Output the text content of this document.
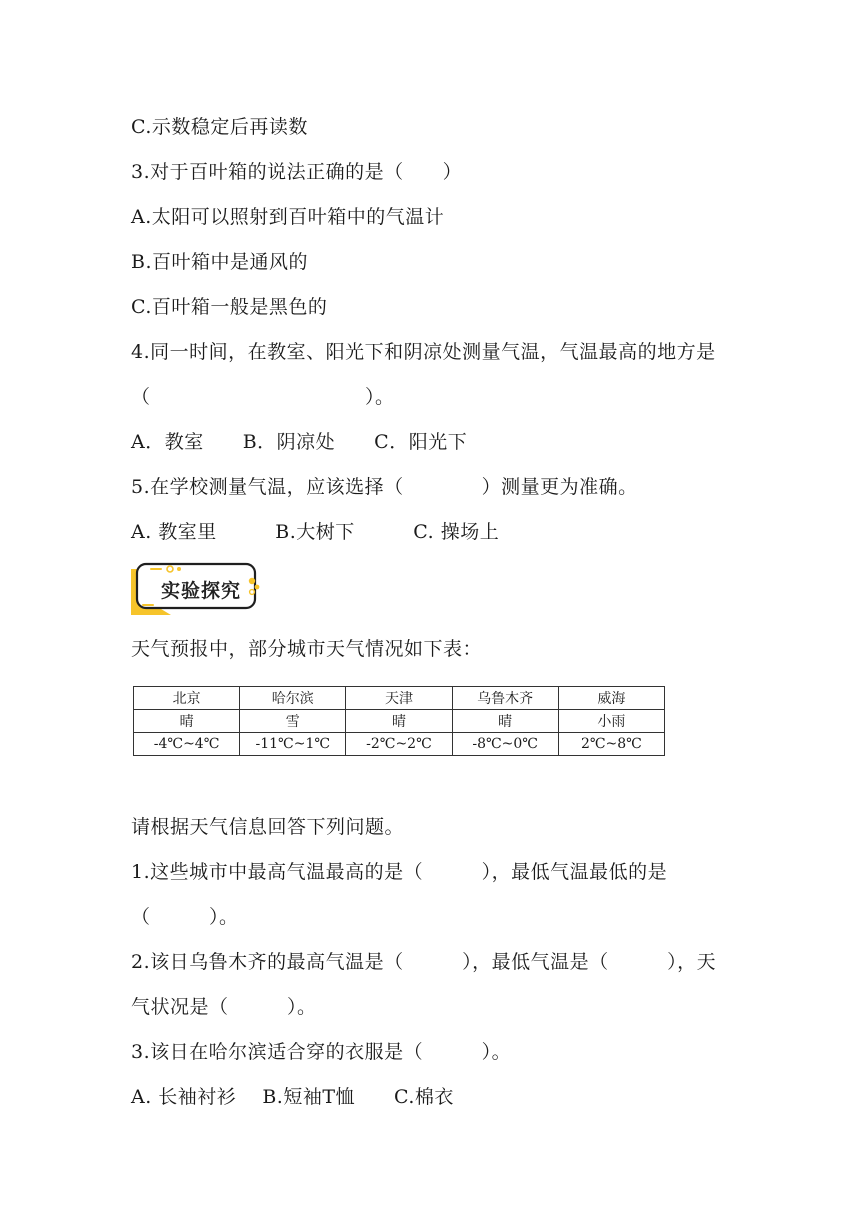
C.示数稳定后再读数
3.对于百叶箱的说法正确的是（　　）
A.太阳可以照射到百叶箱中的气温计
B.百叶箱中是通风的
C.百叶箱一般是黑色的
4.同一时间，在教室、阳光下和阴凉处测量气温，气温最高的地方是
（　　　　　　　　　　　）。
A．教室　　B．阴凉处　　C．阳光下
5.在学校测量气温，应该选择（　　　　）测量更为准确。
A. 教室里　　　B.大树下　　　C. 操场上
实验探究
天气预报中，部分城市天气情况如下表：
北京	哈尔滨	天津	乌鲁木齐	威海
晴	雪	晴	晴	小雨
-4℃~4℃	-11℃~1℃	-2℃~2℃	-8℃~0℃	2℃~8℃
请根据天气信息回答下列问题。
1.这些城市中最高气温最高的是（　　　），最低气温最低的是
（　　　）。
2.该日乌鲁木齐的最高气温是（　　　），最低气温是（　　　），天
气状况是（　　　）。
3.该日在哈尔滨适合穿的衣服是（　　　）。
A. 长袖衬衫　 B.短袖T恤　　C.棉衣
